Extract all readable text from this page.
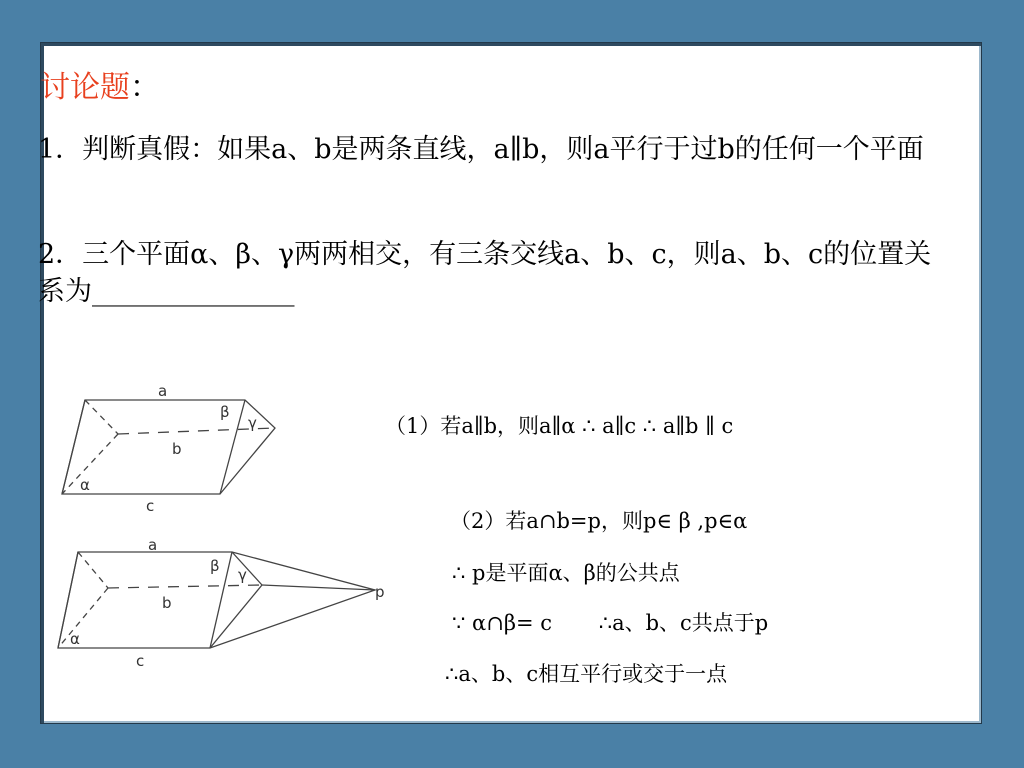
讨论题：
1．判断真假：如果a、b是两条直线，a∥b，则a平行于过b的任何一个平面
2．三个平面α、β、γ两两相交，有三条交线a、b、c，则a、b、c的位置关系为_______________
a
β
γ
b
α
c
a
β γ
b
p
α
c
（1）若a∥b，则a∥α ∴ a∥c ∴ a∥b ∥ c
（2）若a∩b=p，则p∈ β ,p∈α
∴ p是平面α、β的公共点
∵ α∩β= c       ∴a、b、c共点于p
∴a、b、c相互平行或交于一点
